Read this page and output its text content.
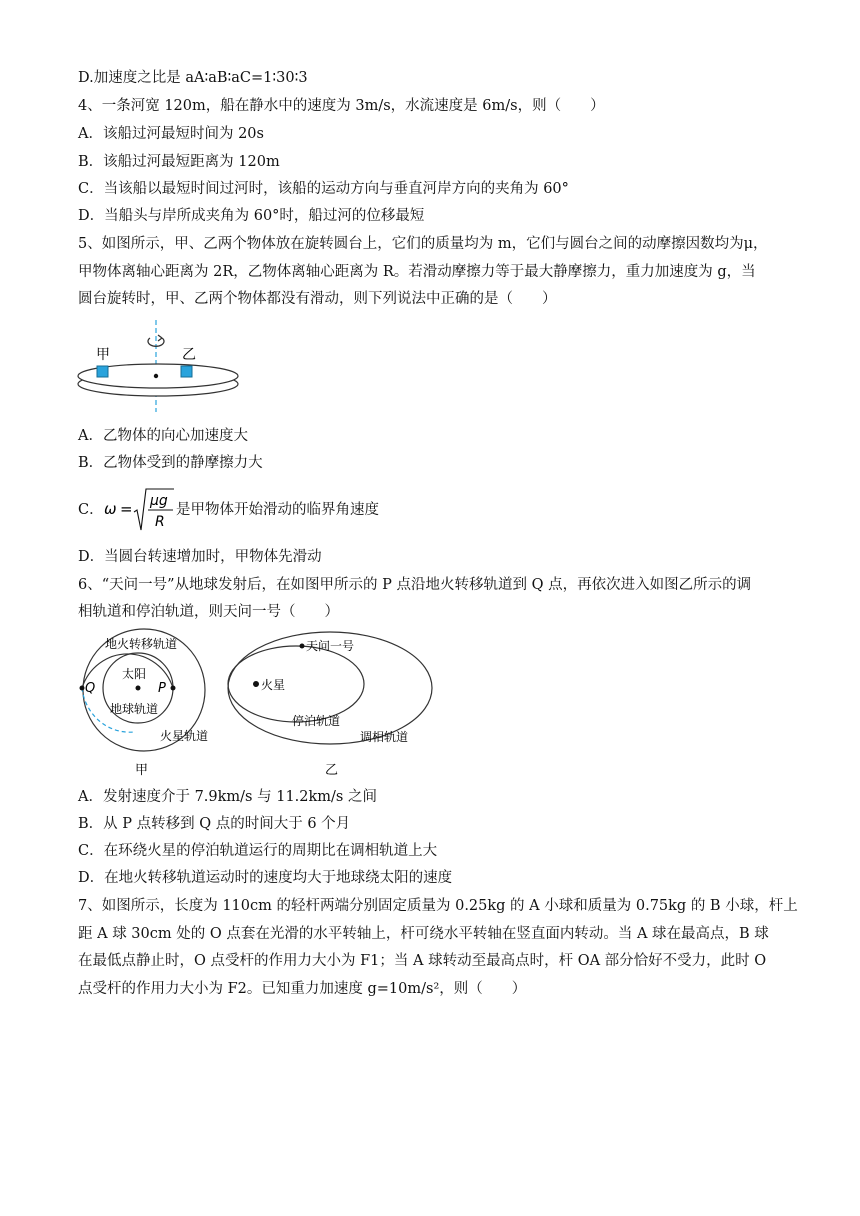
D.加速度之比是 aA∶aB∶aC=1∶30∶3
4、一条河宽 120m，船在静水中的速度为 3m/s，水流速度是 6m/s，则（　　）
A．该船过河最短时间为 20s
B．该船过河最短距离为 120m
C．当该船以最短时间过河时，该船的运动方向与垂直河岸方向的夹角为 60°
D．当船头与岸所成夹角为 60°时，船过河的位移最短
5、如图所示，甲、乙两个物体放在旋转圆台上，它们的质量均为 m，它们与圆台之间的动摩擦因数均为μ，
甲物体离轴心距离为 2R，乙物体离轴心距离为 R。若滑动摩擦力等于最大静摩擦力，重力加速度为 g，当
圆台旋转时，甲、乙两个物体都没有滑动，则下列说法中正确的是（　　）
甲	乙
A．乙物体的向心加速度大
B．乙物体受到的静摩擦力大
C． ω = μg
R
是甲物体开始滑动的临界角速度
D．当圆台转速增加时，甲物体先滑动
6、“天问一号”从地球发射后，在如图甲所示的 P 点沿地火转移轨道到 Q 点，再依次进入如图乙所示的调
相轨道和停泊轨道，则天问一号（　　）
地火转移轨道
太阳
P
Q
地球轨道
火星轨道
甲
天问一号
火星
停泊轨道
调相轨道
乙
A．发射速度介于 7.9km/s 与 11.2km/s 之间
B．从 P 点转移到 Q 点的时间大于 6 个月
C．在环绕火星的停泊轨道运行的周期比在调相轨道上大
D．在地火转移轨道运动时的速度均大于地球绕太阳的速度
7、如图所示，长度为 110cm 的轻杆两端分别固定质量为 0.25kg 的 A 小球和质量为 0.75kg 的 B 小球，杆上
距 A 球 30cm 处的 O 点套在光滑的水平转轴上，杆可绕水平转轴在竖直面内转动。当 A 球在最高点，B 球
在最低点静止时，O 点受杆的作用力大小为 F1；当 A 球转动至最高点时，杆 OA 部分恰好不受力，此时 O
点受杆的作用力大小为 F2。已知重力加速度 g=10m/s²，则（　　）
